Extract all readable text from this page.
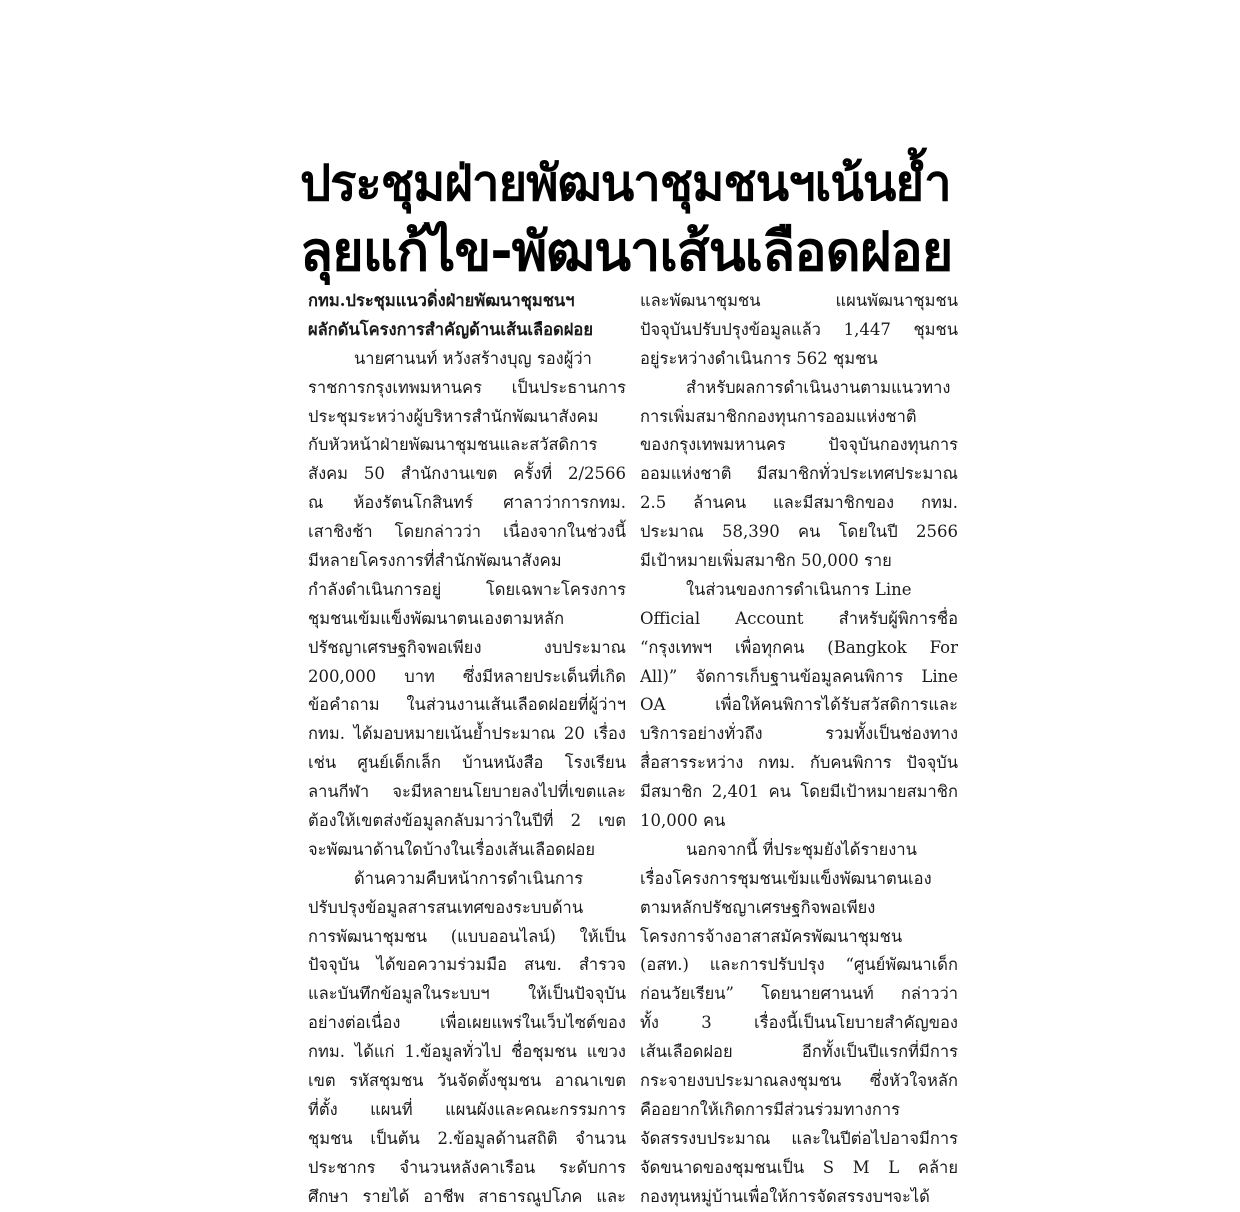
ประชุมฝ่ายพัฒนาชุมชนฯเน้นย้ำ
ลุยแก้ไข-พัฒนาเส้นเลือดฝอย
กทม.ประชุมแนวดิ่งฝ่ายพัฒนาชุมชนฯ
ผลักดันโครงการสำคัญด้านเส้นเลือดฝอย
นายศานนท์ หวังสร้างบุญ รองผู้ว่า
ราชการกรุงเทพมหานคร เป็นประธานการ
ประชุมระหว่างผู้บริหารสำนักพัฒนาสังคม
กับหัวหน้าฝ่ายพัฒนาชุมชนและสวัสดิการ
สังคม 50 สำนักงานเขต ครั้งที่ 2/2566
ณ ห้องรัตนโกสินทร์ ศาลาว่าการกทม.
เสาชิงช้า โดยกล่าวว่า เนื่องจากในช่วงนี้
มีหลายโครงการที่สำนักพัฒนาสังคม
กำลังดำเนินการอยู่ โดยเฉพาะโครงการ
ชุมชนเข้มแข็งพัฒนาตนเองตามหลัก
ปรัชญาเศรษฐกิจพอเพียง งบประมาณ
200,000 บาท ซึ่งมีหลายประเด็นที่เกิด
ข้อคำถาม ในส่วนงานเส้นเลือดฝอยที่ผู้ว่าฯ
กทม. ได้มอบหมายเน้นย้ำประมาณ 20 เรื่อง
เช่น ศูนย์เด็กเล็ก บ้านหนังสือ โรงเรียน
ลานกีฬา จะมีหลายนโยบายลงไปที่เขตและ
ต้องให้เขตส่งข้อมูลกลับมาว่าในปีที่ 2 เขต
จะพัฒนาด้านใดบ้างในเรื่องเส้นเลือดฝอย
ด้านความคืบหน้าการดำเนินการ
ปรับปรุงข้อมูลสารสนเทศของระบบด้าน
การพัฒนาชุมชน (แบบออนไลน์) ให้เป็น
ปัจจุบัน ได้ขอความร่วมมือ สนข. สำรวจ
และบันทึกข้อมูลในระบบฯ ให้เป็นปัจจุบัน
อย่างต่อเนื่อง เพื่อเผยแพร่ในเว็บไซต์ของ
กทม. ได้แก่ 1.ข้อมูลทั่วไป ชื่อชุมชน แขวง
เขต รหัสชุมชน วันจัดตั้งชุมชน อาณาเขต
ที่ตั้ง แผนที่ แผนผังและคณะกรรมการ
ชุมชน เป็นต้น 2.ข้อมูลด้านสถิติ จำนวน
ประชากร จำนวนหลังคาเรือน ระดับการ
ศึกษา รายได้ อาชีพ สาธารณูปโภค และ
และพัฒนาชุมชน แผนพัฒนาชุมชน
ปัจจุบันปรับปรุงข้อมูลแล้ว 1,447 ชุมชน
อยู่ระหว่างดำเนินการ 562 ชุมชน
สำหรับผลการดำเนินงานตามแนวทาง
การเพิ่มสมาชิกกองทุนการออมแห่งชาติ
ของกรุงเทพมหานคร ปัจจุบันกองทุนการ
ออมแห่งชาติ มีสมาชิกทั่วประเทศประมาณ
2.5 ล้านคน และมีสมาชิกของ กทม.
ประมาณ 58,390 คน โดยในปี 2566
มีเป้าหมายเพิ่มสมาชิก 50,000 ราย
ในส่วนของการดำเนินการ Line
Official Account สำหรับผู้พิการชื่อ
“กรุงเทพฯ เพื่อทุกคน (Bangkok For
All)” จัดการเก็บฐานข้อมูลคนพิการ Line
OA เพื่อให้คนพิการได้รับสวัสดิการและ
บริการอย่างทั่วถึง รวมทั้งเป็นช่องทาง
สื่อสารระหว่าง กทม. กับคนพิการ ปัจจุบัน
มีสมาชิก 2,401 คน โดยมีเป้าหมายสมาชิก
10,000 คน
นอกจากนี้ ที่ประชุมยังได้รายงาน
เรื่องโครงการชุมชนเข้มแข็งพัฒนาตนเอง
ตามหลักปรัชญาเศรษฐกิจพอเพียง
โครงการจ้างอาสาสมัครพัฒนาชุมชน
(อสท.) และการปรับปรุง “ศูนย์พัฒนาเด็ก
ก่อนวัยเรียน” โดยนายศานนท์ กล่าวว่า
ทั้ง 3 เรื่องนี้เป็นนโยบายสำคัญของ
เส้นเลือดฝอย อีกทั้งเป็นปีแรกที่มีการ
กระจายงบประมาณลงชุมชน ซึ่งหัวใจหลัก
คืออยากให้เกิดการมีส่วนร่วมทางการ
จัดสรรงบประมาณ และในปีต่อไปอาจมีการ
จัดขนาดของชุมชนเป็น S M L คล้าย
กองทุนหมู่บ้านเพื่อให้การจัดสรรงบฯจะได้
